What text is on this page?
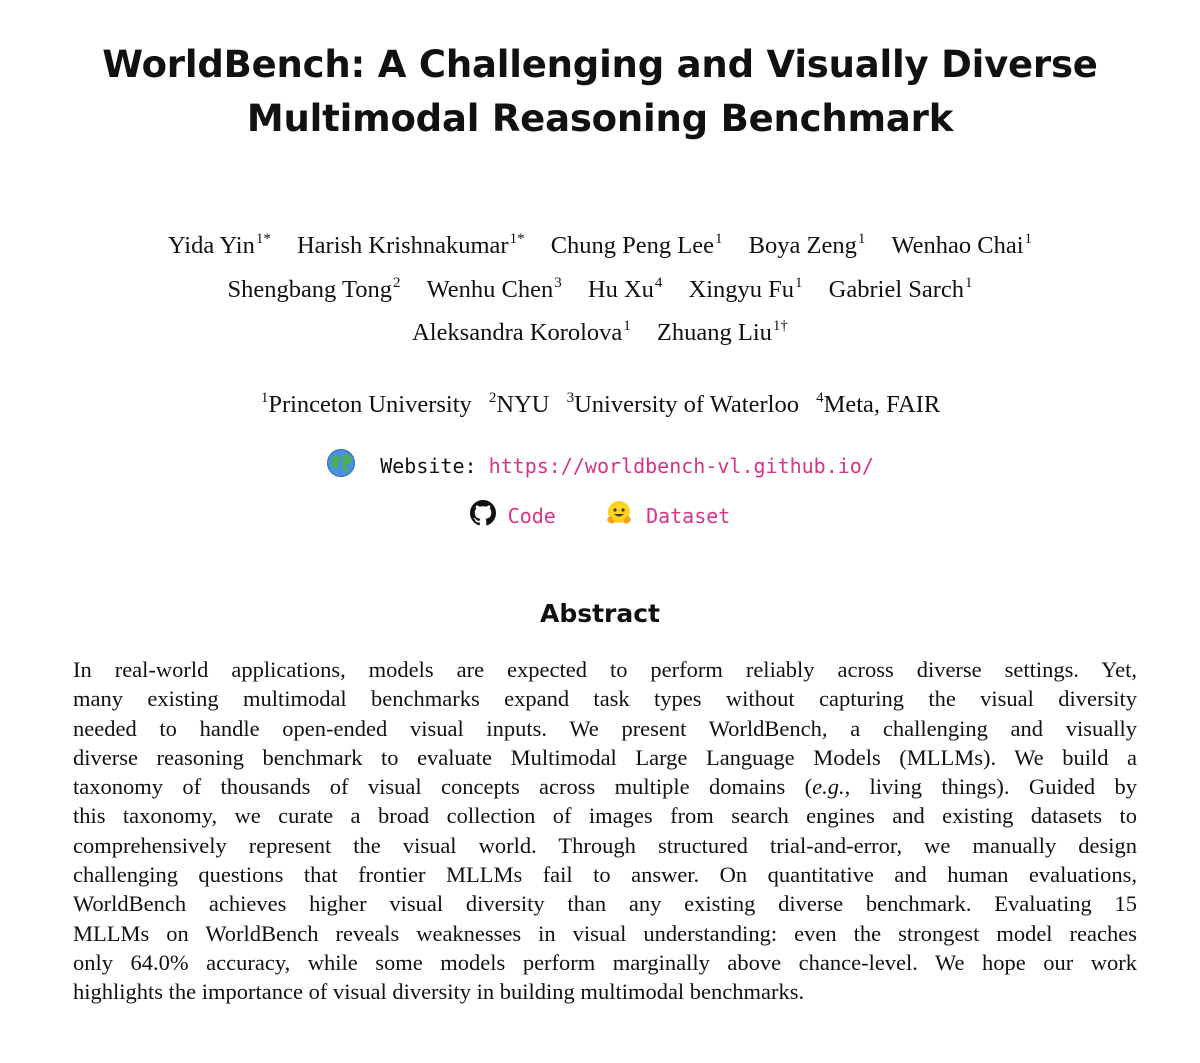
WorldBench: A Challenging and Visually Diverse
Multimodal Reasoning Benchmark
Yida Yin$^{1*}$ Harish Krishnakumar$^{1*}$ Chung Peng Lee$^1$ Boya Zeng$^1$ Wenhao Chai$^1$
Shengbang Tong$^2$ Wenhu Chen$^3$ Hu Xu$^4$ Xingyu Fu$^1$ Gabriel Sarch$^1$
Aleksandra Korolova$^1$ Zhuang Liu$^{1\dagger}$
$^1$Princeton University $^2$NYU $^3$University of Waterloo $^4$Meta, FAIR
Website: https://worldbench-vl.github.io/
Code	Dataset
Abstract
In real-world applications, models are expected to perform reliably across diverse settings. Yet,
many existing multimodal benchmarks expand task types without capturing the visual diversity
needed to handle open-ended visual inputs. We present WorldBench, a challenging and visually
diverse reasoning benchmark to evaluate Multimodal Large Language Models (MLLMs). We build a
taxonomy of thousands of visual concepts across multiple domains (e.g., living things). Guided by
this taxonomy, we curate a broad collection of images from search engines and existing datasets to
comprehensively represent the visual world. Through structured trial-and-error, we manually design
challenging questions that frontier MLLMs fail to answer. On quantitative and human evaluations,
WorldBench achieves higher visual diversity than any existing diverse benchmark. Evaluating 15
MLLMs on WorldBench reveals weaknesses in visual understanding: even the strongest model reaches
only 64.0% accuracy, while some models perform marginally above chance-level. We hope our work
highlights the importance of visual diversity in building multimodal benchmarks.
